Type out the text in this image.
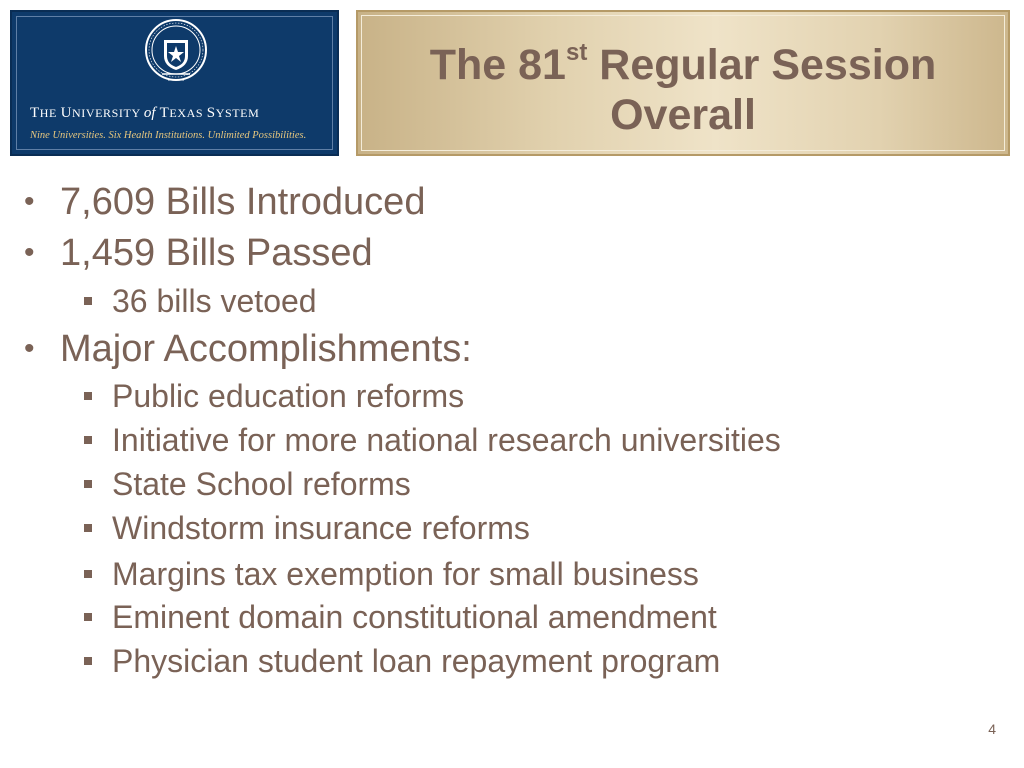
THE UNIVERSITY of TEXAS SYSTEM
Nine Universities. Six Health Institutions. Unlimited Possibilities.
The 81st Regular Session
Overall
• 7,609 Bills Introduced
• 1,459 Bills Passed
36 bills vetoed
• Major Accomplishments:
Public education reforms
Initiative for more national research universities
State School reforms
Windstorm insurance reforms
Margins tax exemption for small business
Eminent domain constitutional amendment
Physician student loan repayment program
4
